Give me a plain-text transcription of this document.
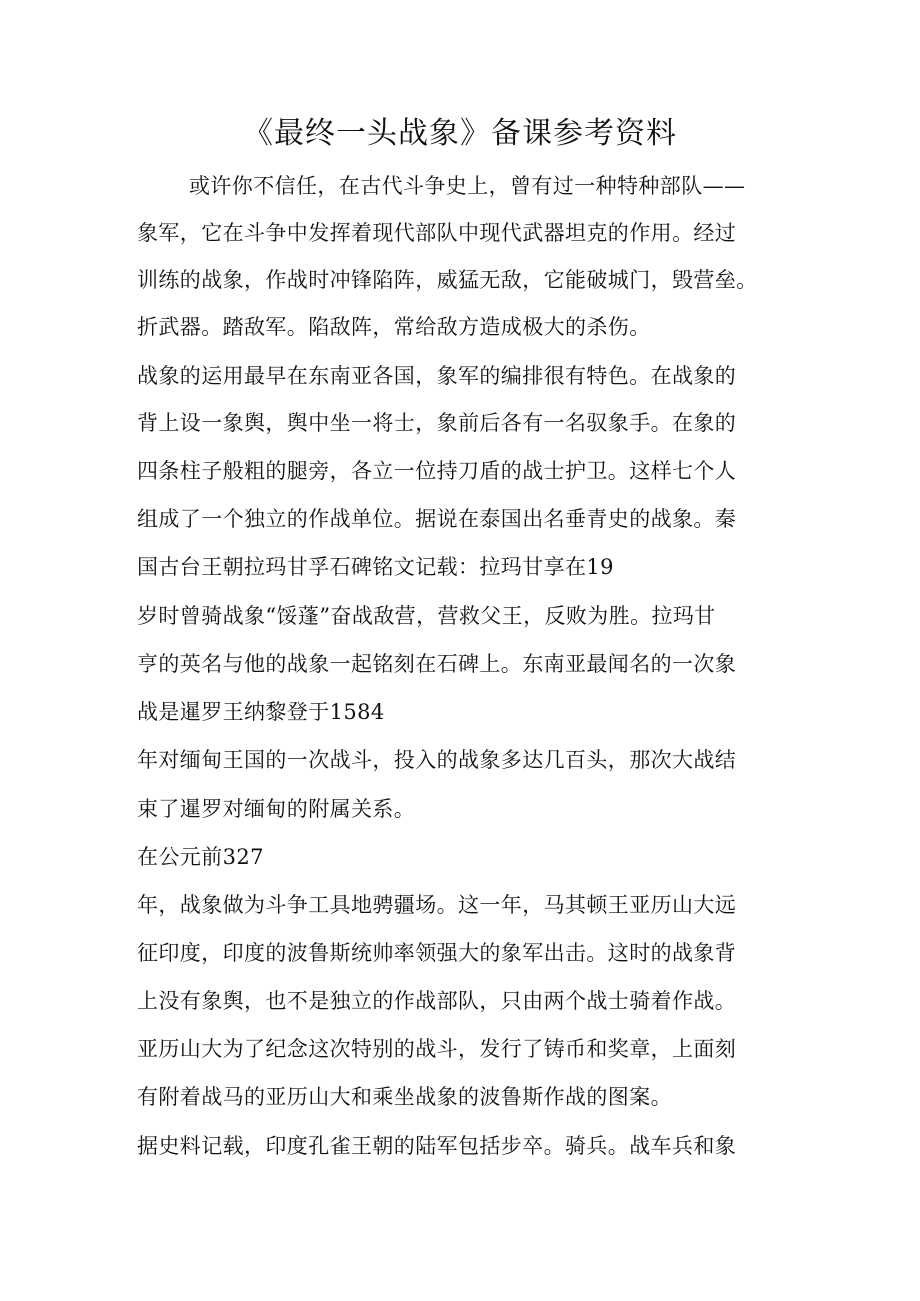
《最终一头战象》备课参考资料
或许你不信任，在古代斗争史上，曾有过一种特种部队——
象军，它在斗争中发挥着现代部队中现代武器坦克的作用。经过
训练的战象，作战时冲锋陷阵，威猛无敌，它能破城门，毁营垒。
折武器。踏敌军。陷敌阵，常给敌方造成极大的杀伤。
战象的运用最早在东南亚各国，象军的编排很有特色。在战象的
背上设一象舆，舆中坐一将士，象前后各有一名驭象手。在象的
四条柱子般粗的腿旁，各立一位持刀盾的战士护卫。这样七个人
组成了一个独立的作战单位。据说在泰国出名垂青史的战象。秦
国古台王朝拉玛甘孚石碑铭文记载：拉玛甘享在19
岁时曾骑战象“馁蓬”奋战敌营，营救父王，反败为胜。拉玛甘
亨的英名与他的战象一起铭刻在石碑上。东南亚最闻名的一次象
战是暹罗王纳黎登于1584
年对缅甸王国的一次战斗，投入的战象多达几百头，那次大战结
束了暹罗对缅甸的附属关系。
在公元前327
年，战象做为斗争工具地骋疆场。这一年，马其顿王亚历山大远
征印度，印度的波鲁斯统帅率领强大的象军出击。这时的战象背
上没有象舆，也不是独立的作战部队，只由两个战士骑着作战。
亚历山大为了纪念这次特别的战斗，发行了铸币和奖章，上面刻
有附着战马的亚历山大和乘坐战象的波鲁斯作战的图案。
据史料记载，印度孔雀王朝的陆军包括步卒。骑兵。战车兵和象
